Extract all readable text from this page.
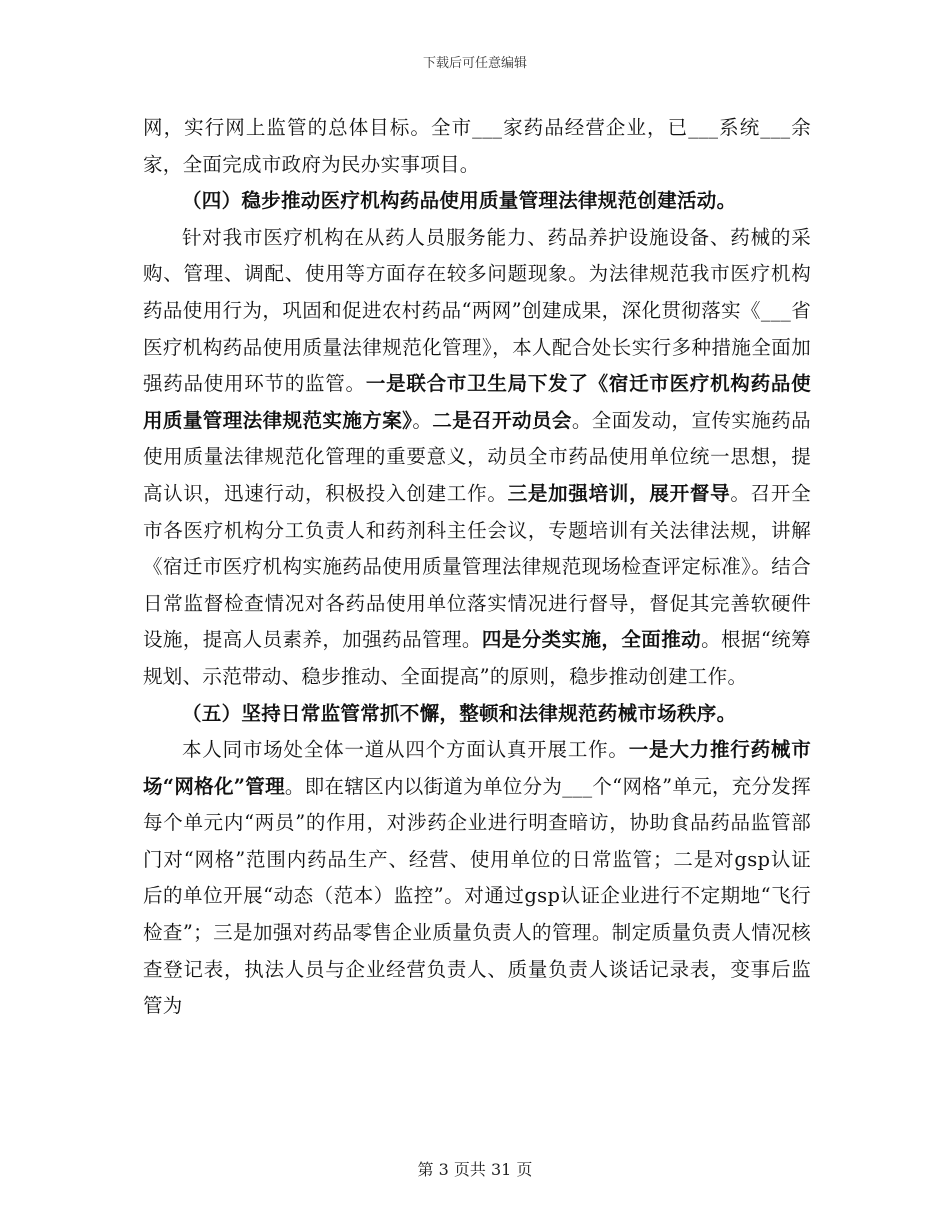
下载后可任意编辑

网，实行网上监管的总体目标。全市___家药品经营企业，已___系统___余家，全面完成市政府为民办实事项目。

（四）稳步推动医疗机构药品使用质量管理法律规范创建活动。

针对我市医疗机构在从药人员服务能力、药品养护设施设备、药械的采购、管理、调配、使用等方面存在较多问题现象。为法律规范我市医疗机构药品使用行为，巩固和促进农村药品“两网”创建成果，深化贯彻落实《___省医疗机构药品使用质量法律规范化管理》，本人配合处长实行多种措施全面加强药品使用环节的监管。一是联合市卫生局下发了《宿迁市医疗机构药品使用质量管理法律规范实施方案》。二是召开动员会。全面发动，宣传实施药品使用质量法律规范化管理的重要意义，动员全市药品使用单位统一思想，提高认识，迅速行动，积极投入创建工作。三是加强培训，展开督导。召开全市各医疗机构分工负责人和药剂科主任会议，专题培训有关法律法规，讲解《宿迁市医疗机构实施药品使用质量管理法律规范现场检查评定标准》。结合日常监督检查情况对各药品使用单位落实情况进行督导，督促其完善软硬件设施，提高人员素养，加强药品管理。四是分类实施，全面推动。根据“统筹规划、示范带动、稳步推动、全面提高”的原则，稳步推动创建工作。

（五）坚持日常监管常抓不懈，整顿和法律规范药械市场秩序。

本人同市场处全体一道从四个方面认真开展工作。一是大力推行药械市场“网格化”管理。即在辖区内以街道为单位分为___个“网格”单元，充分发挥每个单元内“两员”的作用，对涉药企业进行明查暗访，协助食品药品监管部门对“网格”范围内药品生产、经营、使用单位的日常监管；二是对gsp认证后的单位开展“动态（范本）监控”。对通过gsp认证企业进行不定期地“飞行检查”；三是加强对药品零售企业质量负责人的管理。制定质量负责人情况核查登记表，执法人员与企业经营负责人、质量负责人谈话记录表，变事后监管为

第 3 页共 31 页
